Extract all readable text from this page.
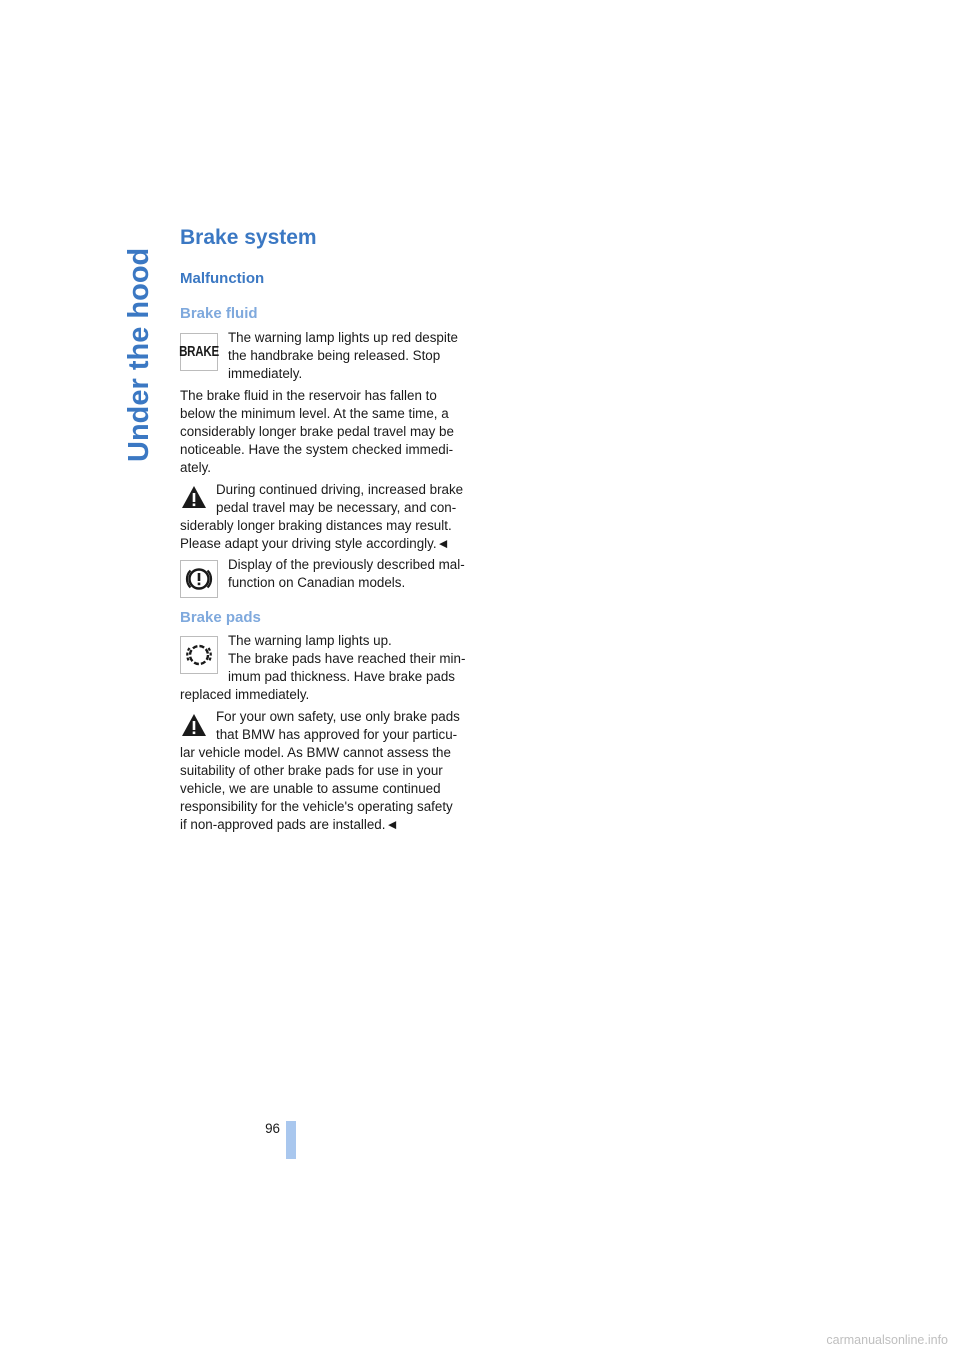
Under the hood
Brake system
Malfunction
Brake fluid
BRAKE
The warning lamp lights up red despite
the handbrake being released. Stop
immediately.
The brake fluid in the reservoir has fallen to
below the minimum level. At the same time, a
considerably longer brake pedal travel may be
noticeable. Have the system checked immedi-
ately.
During continued driving, increased brake
pedal travel may be necessary, and con-
siderably longer braking distances may result.
Please adapt your driving style accordingly.◄
Display of the previously described mal-
function on Canadian models.
Brake pads
The warning lamp lights up.
The brake pads have reached their min-
imum pad thickness. Have brake pads
replaced immediately.
For your own safety, use only brake pads
that BMW has approved for your particu-
lar vehicle model. As BMW cannot assess the
suitability of other brake pads for use in your
vehicle, we are unable to assume continued
responsibility for the vehicle's operating safety
if non-approved pads are installed.◄
96
carmanualsonline.info
